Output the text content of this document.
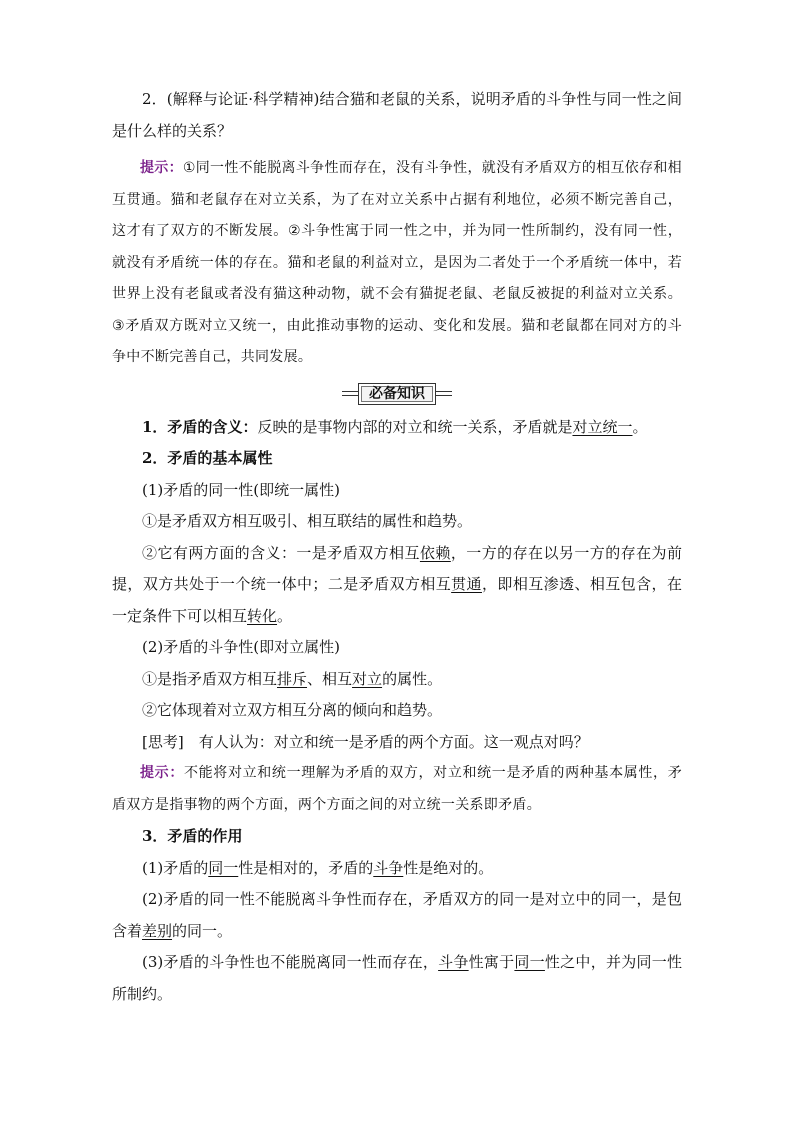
2．(解释与论证·科学精神)结合猫和老鼠的关系，说明矛盾的斗争性与同一性之间是什么样的关系？

提示：①同一性不能脱离斗争性而存在，没有斗争性，就没有矛盾双方的相互依存和相互贯通。猫和老鼠存在对立关系，为了在对立关系中占据有利地位，必须不断完善自己，这才有了双方的不断发展。②斗争性寓于同一性之中，并为同一性所制约，没有同一性，就没有矛盾统一体的存在。猫和老鼠的利益对立，是因为二者处于一个矛盾统一体中，若世界上没有老鼠或者没有猫这种动物，就不会有猫捉老鼠、老鼠反被捉的利益对立关系。③矛盾双方既对立又统一，由此推动事物的运动、变化和发展。猫和老鼠都在同对方的斗争中不断完善自己，共同发展。

必备知识

1．矛盾的含义：反映的是事物内部的对立和统一关系，矛盾就是对立统一。

2．矛盾的基本属性

(1)矛盾的同一性(即统一属性)

①是矛盾双方相互吸引、相互联结的属性和趋势。

②它有两方面的含义：一是矛盾双方相互依赖，一方的存在以另一方的存在为前提，双方共处于一个统一体中；二是矛盾双方相互贯通，即相互渗透、相互包含，在一定条件下可以相互转化。

(2)矛盾的斗争性(即对立属性)

①是指矛盾双方相互排斥、相互对立的属性。

②它体现着对立双方相互分离的倾向和趋势。

[思考]　有人认为：对立和统一是矛盾的两个方面。这一观点对吗？

提示：不能将对立和统一理解为矛盾的双方，对立和统一是矛盾的两种基本属性，矛盾双方是指事物的两个方面，两个方面之间的对立统一关系即矛盾。

3．矛盾的作用

(1)矛盾的同一性是相对的，矛盾的斗争性是绝对的。

(2)矛盾的同一性不能脱离斗争性而存在，矛盾双方的同一是对立中的同一，是包含着差别的同一。

(3)矛盾的斗争性也不能脱离同一性而存在，斗争性寓于同一性之中，并为同一性所制约。
